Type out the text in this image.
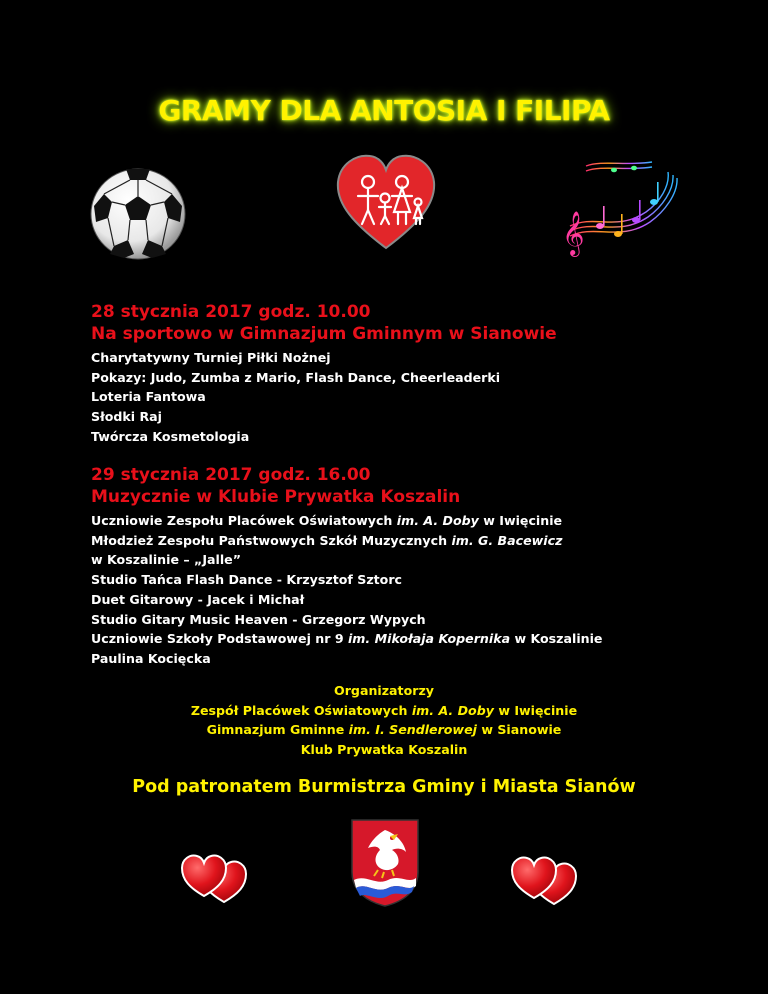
GRAMY DLA ANTOSIA I FILIPA
𝄞
28 stycznia 2017 godz. 10.00
Na sportowo w Gimnazjum Gminnym w Sianowie
Charytatywny Turniej Piłki Nożnej
Pokazy: Judo, Zumba z Mario, Flash Dance, Cheerleaderki
Loteria Fantowa
Słodki Raj
Twórcza Kosmetologia
29 stycznia 2017 godz. 16.00
Muzycznie w Klubie Prywatka Koszalin
Uczniowie Zespołu Placówek Oświatowych im. A. Doby w Iwięcinie
Młodzież Zespołu Państwowych Szkół Muzycznych im. G. Bacewicz
w Koszalinie – „Jalle”
Studio Tańca Flash Dance - Krzysztof Sztorc
Duet Gitarowy - Jacek i Michał
Studio Gitary Music Heaven - Grzegorz Wypych
Uczniowie Szkoły Podstawowej nr 9 im. Mikołaja Kopernika w Koszalinie
Paulina Kocięcka
Organizatorzy
Zespół Placówek Oświatowych im. A. Doby w Iwięcinie
Gimnazjum Gminne im. I. Sendlerowej w Sianowie
Klub Prywatka Koszalin
Pod patronatem Burmistrza Gminy i Miasta Sianów
